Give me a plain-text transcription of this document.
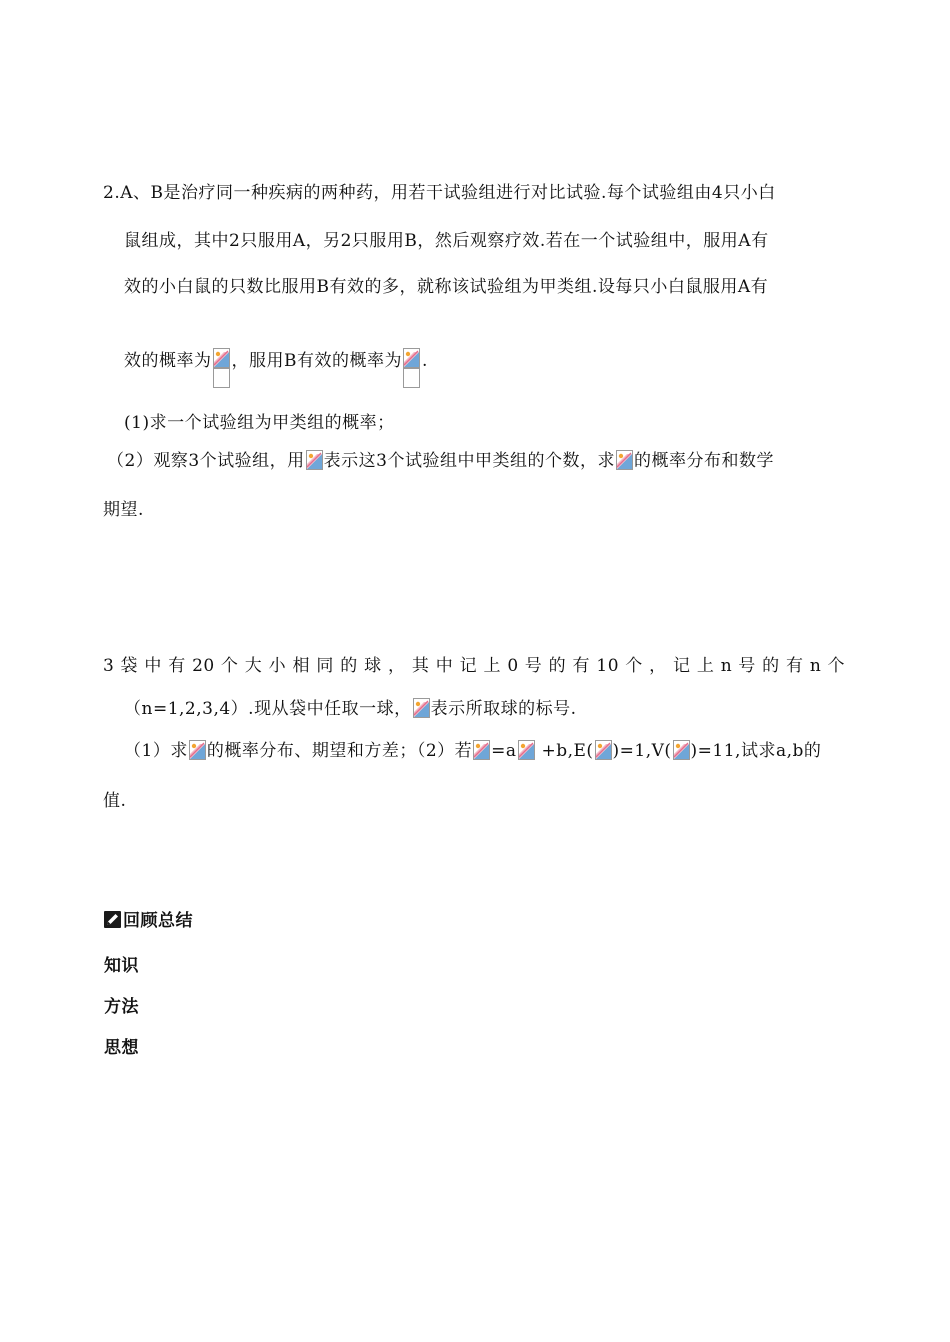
2.A、B是治疗同一种疾病的两种药，用若干试验组进行对比试验.每个试验组由4只小白
鼠组成，其中2只服用A，另2只服用B，然后观察疗效.若在一个试验组中，服用A有
效的小白鼠的只数比服用B有效的多，就称该试验组为甲类组.设每只小白鼠服用A有
效的概率为 ，服用B有效的概率为 .
(1)求一个试验组为甲类组的概率；
（2）观察3个试验组，用 表示这3个试验组中甲类组的个数，求 的概率分布和数学
期望.
3 袋 中 有 20 个 大 小 相 同 的 球 ， 其 中 记 上 0 号 的 有 10 个 ， 记 上 n 号 的 有 n 个
（n=1,2,3,4）.现从袋中任取一球， 表示所取球的标号.
（1）求 的概率分布、期望和方差；（2）若 =a
+b,E( )=1,V( )=11,试求a,b的
值.
回顾总结
知识
方法
思想
